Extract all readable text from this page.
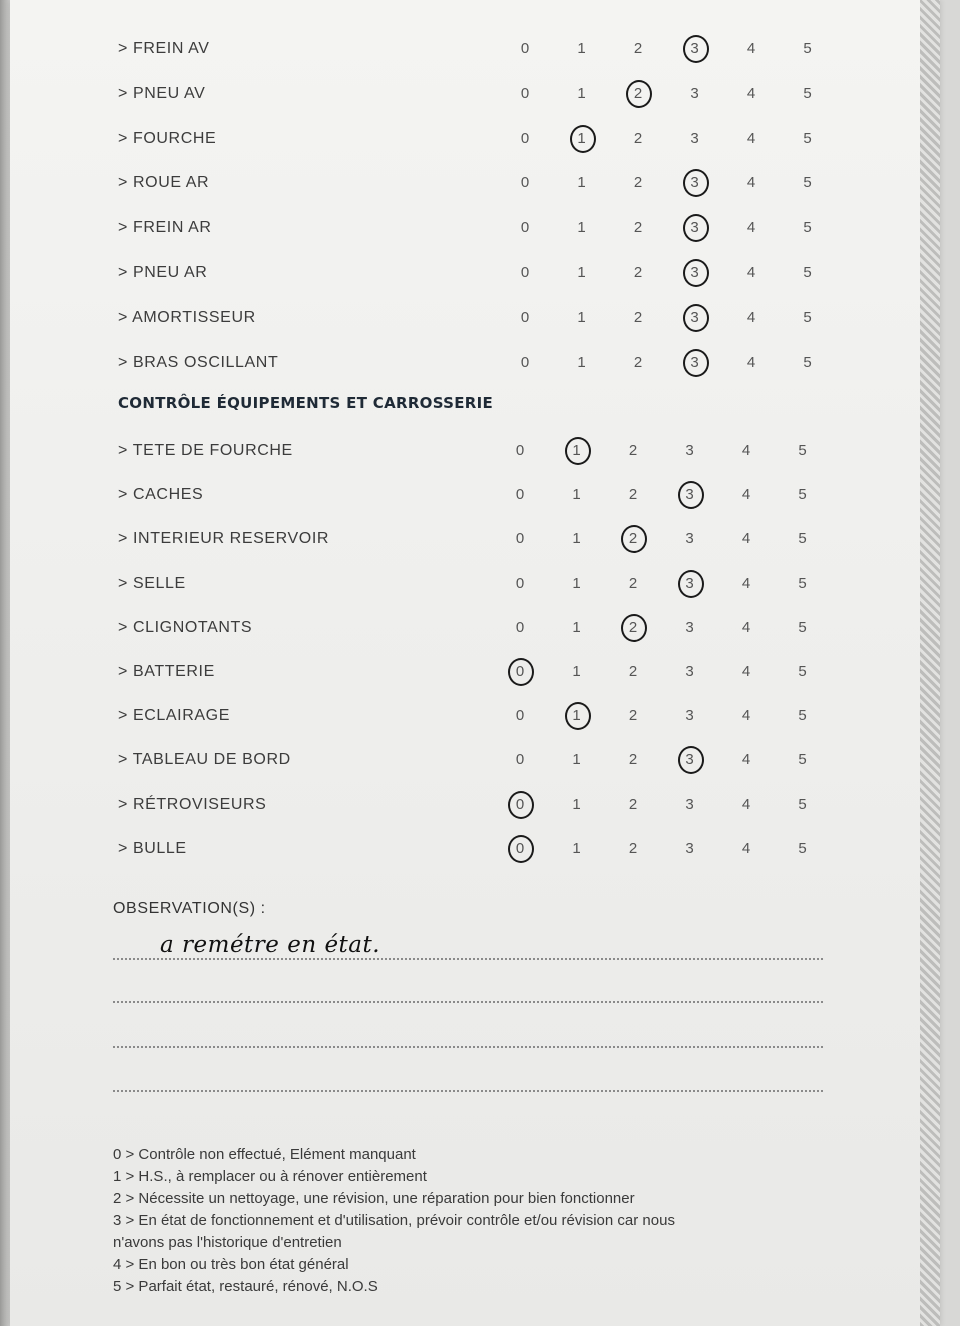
> FREIN AV	0	1	2	3	4	5
> PNEU AV	0	1	2	3	4	5
> FOURCHE	0	1	2	3	4	5
> ROUE AR	0	1	2	3	4	5
> FREIN AR	0	1	2	3	4	5
> PNEU AR	0	1	2	3	4	5
> AMORTISSEUR	0	1	2	3	4	5
> BRAS OSCILLANT	0	1	2	3	4	5
CONTRÔLE ÉQUIPEMENTS ET CARROSSERIE
> TETE DE FOURCHE	0	1	2	3	4	5
> CACHES	0	1	2	3	4	5
> INTERIEUR RESERVOIR	0	1	2	3	4	5
> SELLE	0	1	2	3	4	5
> CLIGNOTANTS	0	1	2	3	4	5
> BATTERIE	0	1	2	3	4	5
> ECLAIRAGE	0	1	2	3	4	5
> TABLEAU DE BORD	0	1	2	3	4	5
> RÉTROVISEURS	0	1	2	3	4	5
> BULLE	0	1	2	3	4	5
OBSERVATION(S) :
a remétre en état.
0 > Contrôle non effectué, Elément manquant
1 > H.S., à remplacer ou à rénover entièrement
2 > Nécessite un nettoyage, une révision, une réparation pour bien fonctionner
3 > En état de fonctionnement et d'utilisation, prévoir contrôle et/ou révision car nous
n'avons pas l'historique d'entretien
4 > En bon ou très bon état général
5 > Parfait état, restauré, rénové, N.O.S
